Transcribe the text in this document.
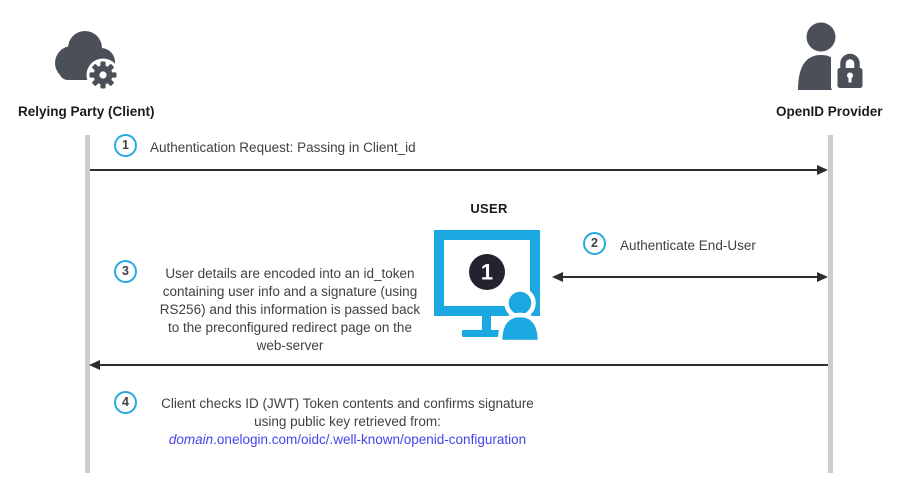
Relying Party (Client)	OpenID Provider
1	Authentication Request: Passing in Client_id
USER
1
2	Authenticate End-User
3	User details are encoded into an id_token
containing user info and a signature (using
RS256) and this information is passed back
to the preconfigured redirect page on the
web-server
4	Client checks ID (JWT) Token contents and confirms signature
using public key retrieved from:
domain.onelogin.com/oidc/.well-known/openid-configuration
